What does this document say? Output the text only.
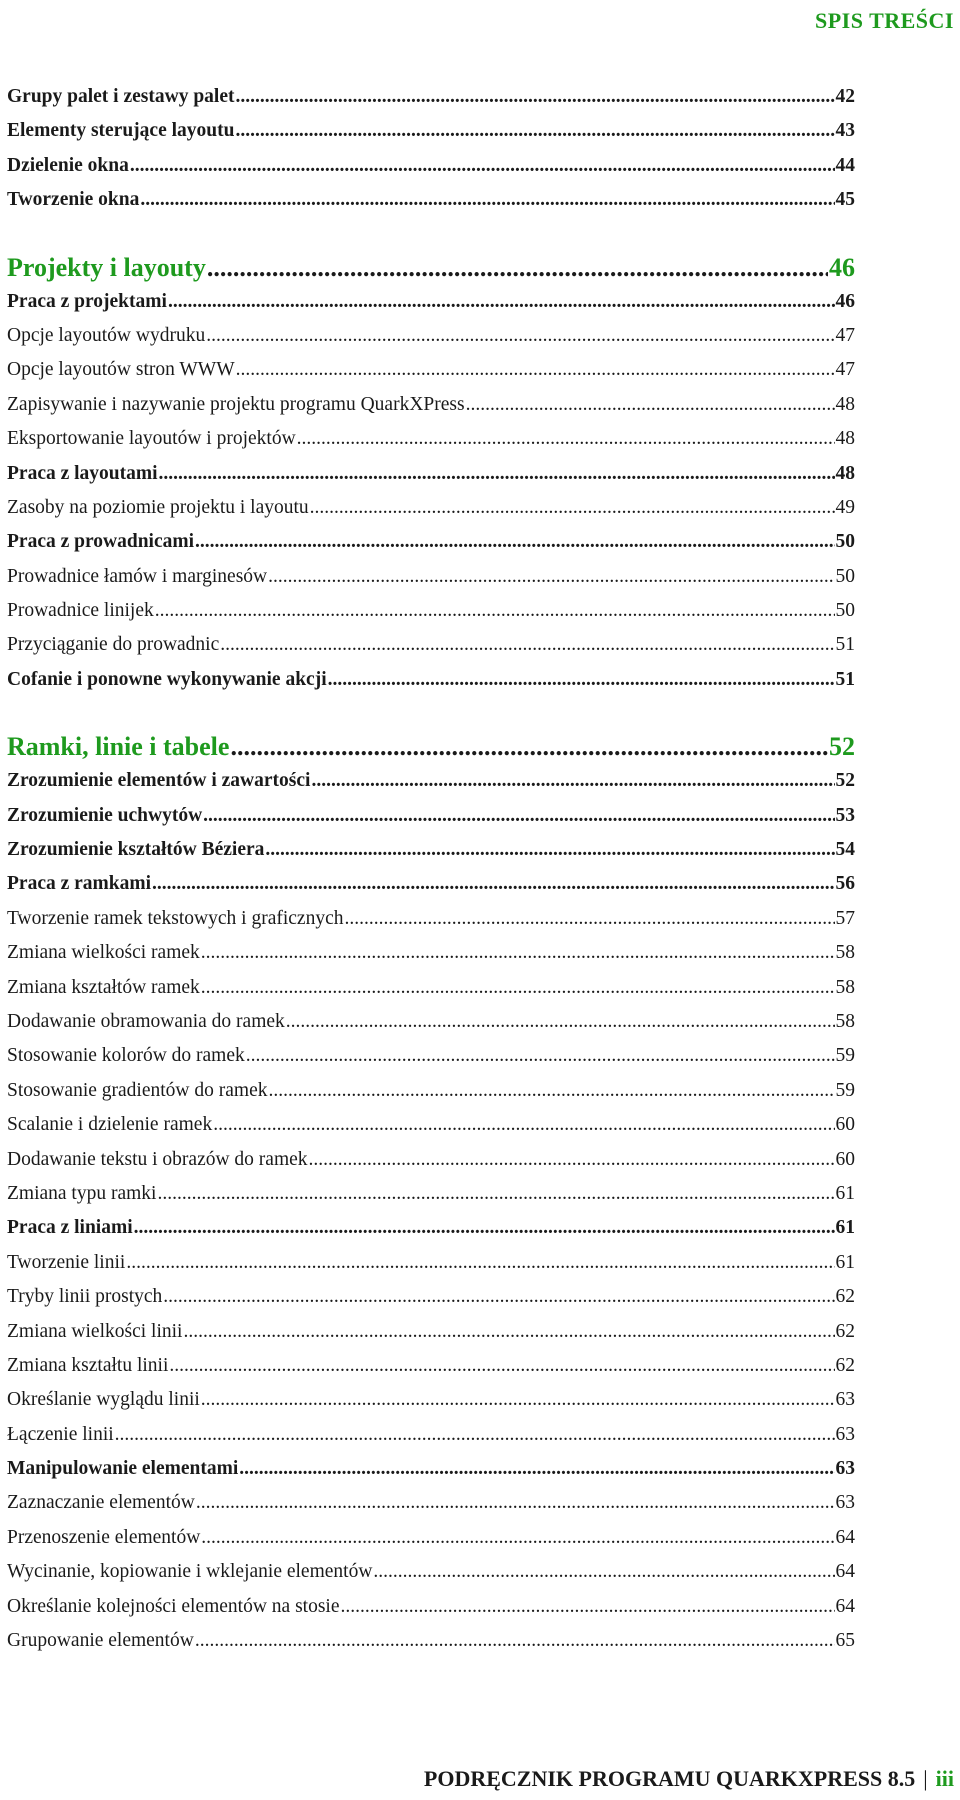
SPIS TREŚCI
Grupy palet i zestawy palet .....	42
Elementy sterujące layoutu .....	43
Dzielenie okna .....	44
Tworzenie okna .....	45
Projekty i layouty .....	46
Praca z projektami .....	46
Opcje layoutów wydruku .....	47
Opcje layoutów stron WWW .....	47
Zapisywanie i nazywanie projektu programu QuarkXPress .....	48
Eksportowanie layoutów i projektów .....	48
Praca z layoutami .....	48
Zasoby na poziomie projektu i layoutu .....	49
Praca z prowadnicami .....	50
Prowadnice łamów i marginesów .....	50
Prowadnice linijek .....	50
Przyciąganie do prowadnic .....	51
Cofanie i ponowne wykonywanie akcji .....	51
Ramki, linie i tabele .....	52
Zrozumienie elementów i zawartości .....	52
Zrozumienie uchwytów .....	53
Zrozumienie kształtów Béziera .....	54
Praca z ramkami .....	56
Tworzenie ramek tekstowych i graficznych .....	57
Zmiana wielkości ramek .....	58
Zmiana kształtów ramek .....	58
Dodawanie obramowania do ramek .....	58
Stosowanie kolorów do ramek .....	59
Stosowanie gradientów do ramek .....	59
Scalanie i dzielenie ramek .....	60
Dodawanie tekstu i obrazów do ramek .....	60
Zmiana typu ramki .....	61
Praca z liniami .....	61
Tworzenie linii .....	61
Tryby linii prostych .....	62
Zmiana wielkości linii .....	62
Zmiana kształtu linii .....	62
Określanie wyglądu linii .....	63
Łączenie linii .....	63
Manipulowanie elementami .....	63
Zaznaczanie elementów .....	63
Przenoszenie elementów .....	64
Wycinanie, kopiowanie i wklejanie elementów .....	64
Określanie kolejności elementów na stosie .....	64
Grupowanie elementów .....	65
PODRĘCZNIK PROGRAMU QUARKXPRESS 8.5 | iii
